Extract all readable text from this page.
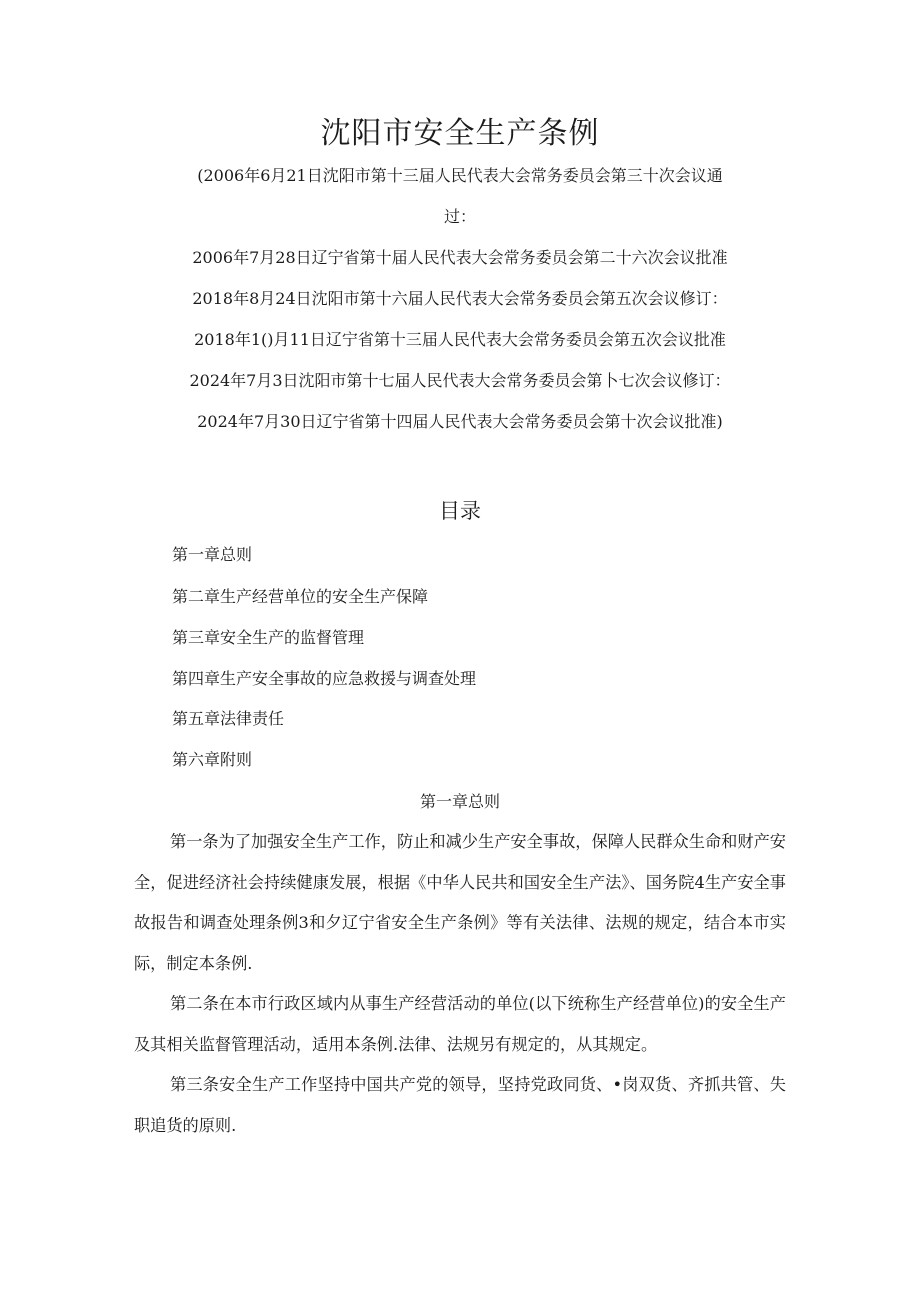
沈阳市安全生产条例
(2006年6月21日沈阳市第十三届人民代表大会常务委员会第三十次会议通
过：
2006年7月28日辽宁省第十届人民代表大会常务委员会第二十六次会议批准
2018年8月24日沈阳市第十六届人民代表大会常务委员会第五次会议修订：
2018年1()月11日辽宁省第十三届人民代表大会常务委员会第五次会议批准
2024年7月3日沈阳市第十七届人民代表大会常务委员会第卜七次会议修订：
2024年7月30日辽宁省第十四届人民代表大会常务委员会第十次会议批准)
目录
第一章总则
第二章生产经营单位的安全生产保障
第三章安全生产的监督管理
第四章生产安全事故的应急救援与调查处理
第五章法律责任
第六章附则
第一章总则

第一条为了加强安全生产工作，防止和减少生产安全事故，保障人民群众生命和财产安全，促进经济社会持续健康发展，根据《中华人民共和国安全生产法》、国务院4生产安全事故报告和调查处理条例3和夕辽宁省安全生产条例》等有关法律、法规的规定，结合本市实际，制定本条例.

第二条在本市行政区域内从事生产经营活动的单位(以下统称生产经营单位)的安全生产及其相关监督管理活动，适用本条例.法律、法规另有规定的，从其规定。

第三条安全生产工作坚持中国共产党的领导，坚持党政同货、•岗双货、齐抓共管、失职追货的原则.
